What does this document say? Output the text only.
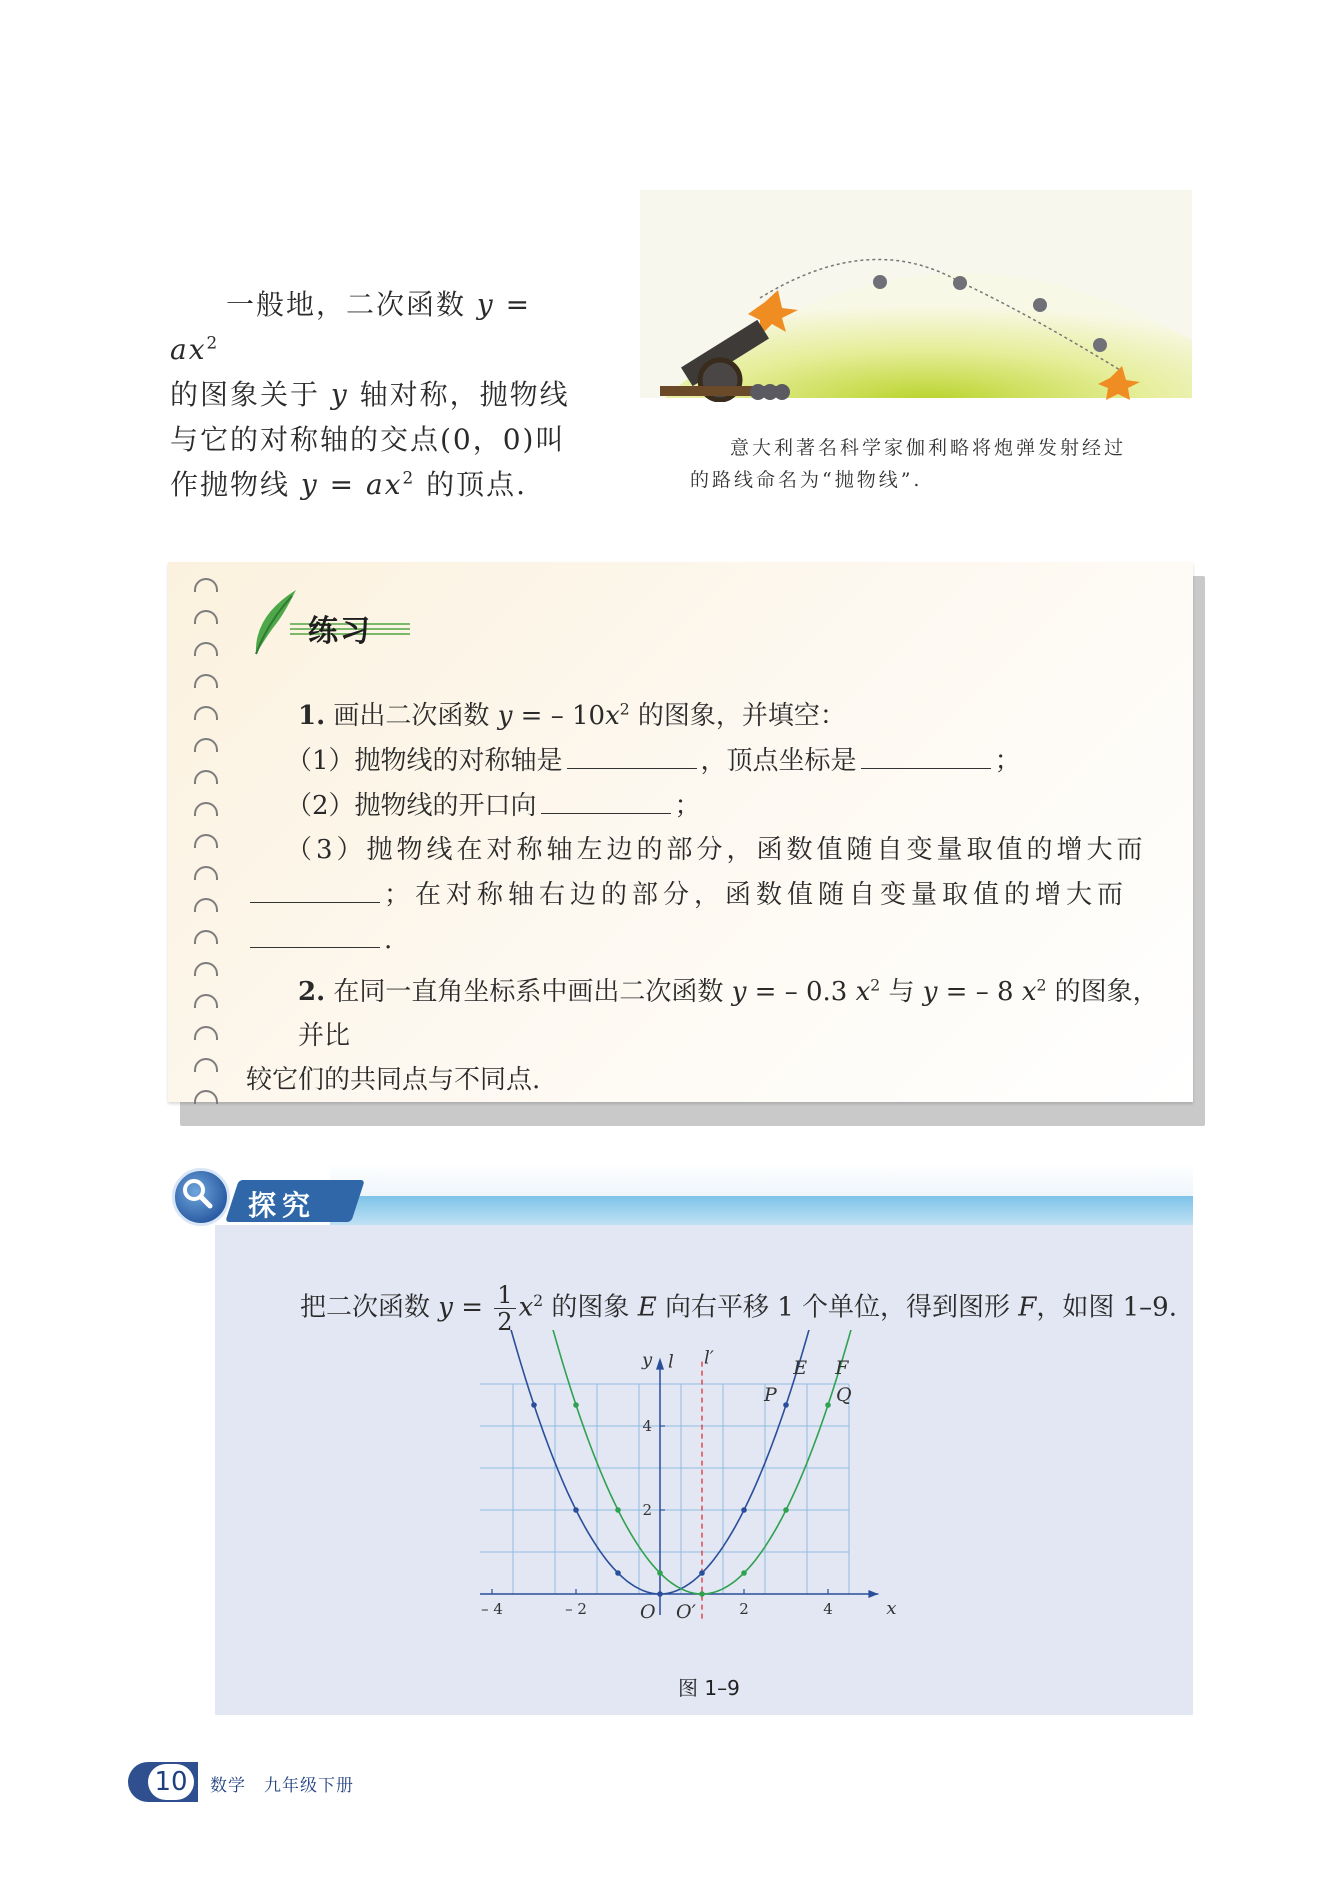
一般地，二次函数 $y = ax^2$

的图象关于 y 轴对称，抛物线

与它的对称轴的交点(0，0)叫

作抛物线 $y = ax^2$ 的顶点.

意大利著名科学家伽利略将炮弹发射经过

的路线命名为“抛物线”.

练习

1. 画出二次函数 y = – $10x^2$ 的图象，并填空：

（1）抛物线的对称轴是	，顶点坐标是	；

（2）抛物线的开口向	；

（3）抛物线在对称轴左边的部分，函数值随自变量取值的增大而

；在对称轴右边的部分，函数值随自变量取值的增大而

.

2. 在同一直角坐标系中画出二次函数 y = – 0.3 $x^2$ 与 y = – 8 $x^2$ 的图象，并比

较它们的共同点与不同点.

探究
把二次函数 $y = \frac{1}{2} x^2$ 的图象 E 向右平移 1 个单位，得到图形 F，如图 1–9.
– 4	– 2	2	4
2
4
x
y l l′
O O′
E F
P	Q
图 1–9
10	数学　九年级下册
